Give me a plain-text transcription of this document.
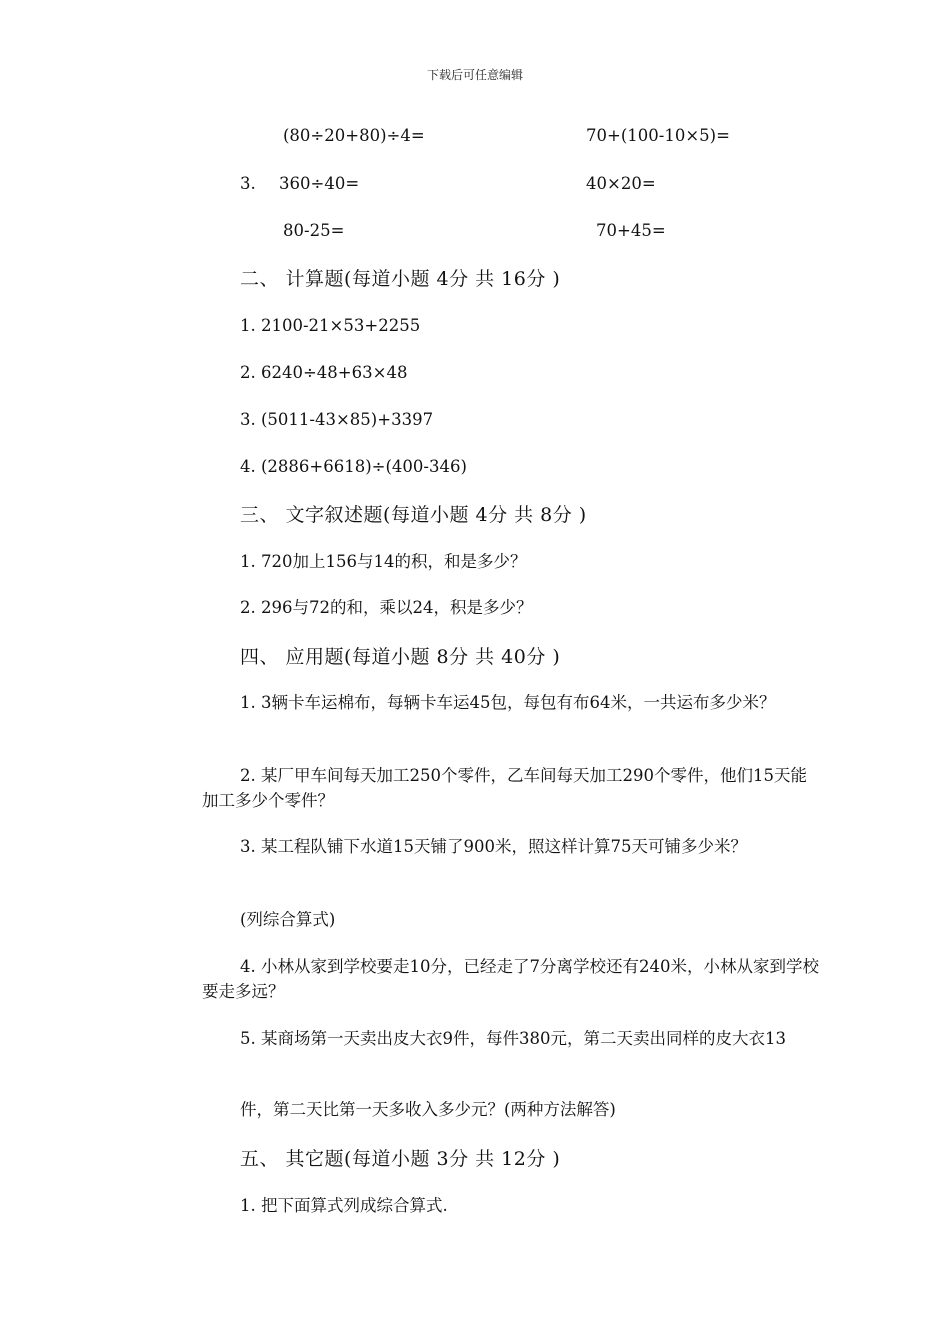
下载后可任意编辑
(80÷20+80)÷4=	70+(100-10×5)=
3. 360÷40=	40×20=
80-25=	70+45=
二、 计算题(每道小题 4分 共 16分 )
1. 2100-21×53+2255
2. 6240÷48+63×48
3. (5011-43×85)+3397
4. (2886+6618)÷(400-346)
三、 文字叙述题(每道小题 4分 共 8分 )
1. 720加上156与14的积，和是多少？
2. 296与72的和，乘以24，积是多少？
四、 应用题(每道小题 8分 共 40分 )
1. 3辆卡车运棉布，每辆卡车运45包，每包有布64米，一共运布多少米？
2. 某厂甲车间每天加工250个零件，乙车间每天加工290个零件，他们15天能加工多少个零件？
3. 某工程队铺下水道15天铺了900米，照这样计算75天可铺多少米？
(列综合算式)
4. 小林从家到学校要走10分，已经走了7分离学校还有240米，小林从家到学校要走多远？
5. 某商场第一天卖出皮大衣9件，每件380元，第二天卖出同样的皮大衣13
件，第二天比第一天多收入多少元？(两种方法解答)
五、 其它题(每道小题 3分 共 12分 )
1. 把下面算式列成综合算式.
